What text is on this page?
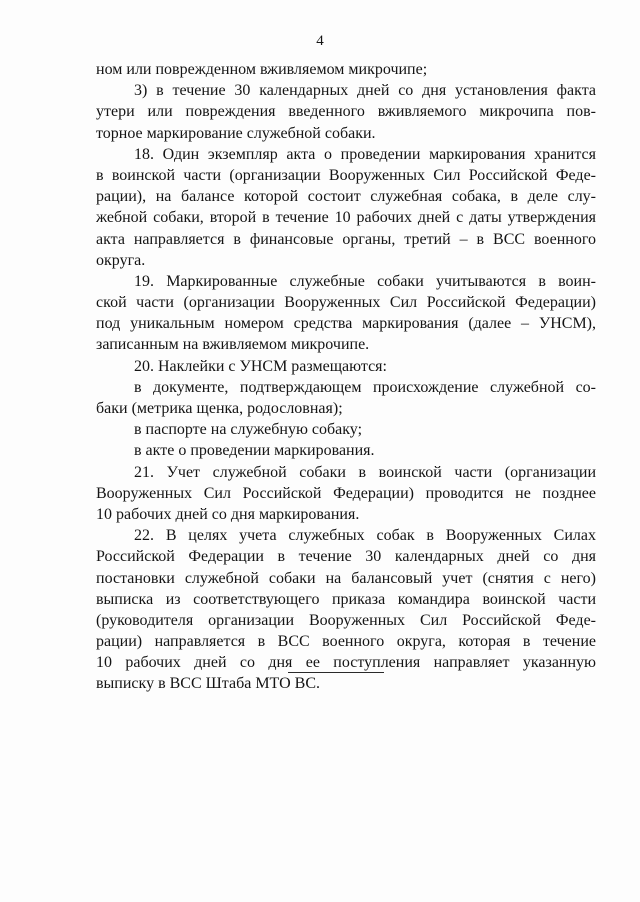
4
ном или поврежденном вживляемом микрочипе;
3) в течение 30 календарных дней со дня установления факта
утери или повреждения введенного вживляемого микрочипа пов-
торное маркирование служебной собаки.
18. Один экземпляр акта о проведении маркирования хранится
в воинской части (организации Вооруженных Сил Российской Феде-
рации), на балансе которой состоит служебная собака, в деле слу-
жебной собаки, второй в течение 10 рабочих дней с даты утверждения
акта направляется в финансовые органы, третий – в ВСС военного
округа.
19. Маркированные служебные собаки учитываются в воин-
ской части (организации Вооруженных Сил Российской Федерации)
под уникальным номером средства маркирования (далее – УНСМ),
записанным на вживляемом микрочипе.
20. Наклейки с УНСМ размещаются:
в документе, подтверждающем происхождение служебной со-
баки (метрика щенка, родословная);
в паспорте на служебную собаку;
в акте о проведении маркирования.
21. Учет служебной собаки в воинской части (организации
Вооруженных Сил Российской Федерации) проводится не позднее
10 рабочих дней со дня маркирования.
22. В целях учета служебных собак в Вооруженных Силах
Российской Федерации в течение 30 календарных дней со дня
постановки служебной собаки на балансовый учет (снятия с него)
выписка из соответствующего приказа командира воинской части
(руководителя организации Вооруженных Сил Российской Феде-
рации) направляется в ВСС военного округа, которая в течение
10 рабочих дней со дня ее поступления направляет указанную
выписку в ВСС Штаба МТО ВС.
